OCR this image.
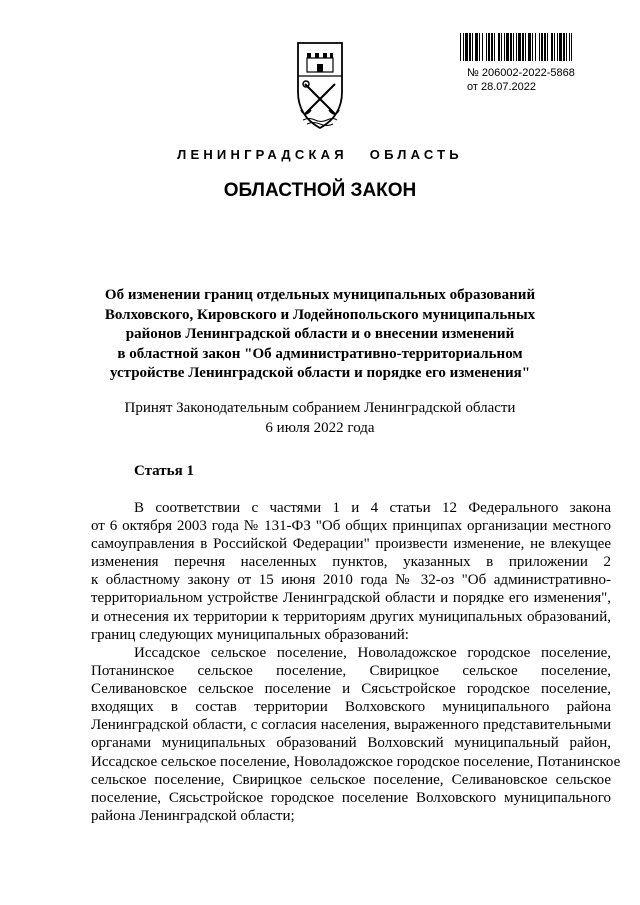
№ 206002-2022-5868
от 28.07.2022
ЛЕНИНГРАДСКАЯ ОБЛАСТЬ
ОБЛАСТНОЙ ЗАКОН
Об изменении границ отдельных муниципальных образований
Волховского, Кировского и Лодейнопольского муниципальных
районов Ленинградской области и о внесении изменений
в областной закон "Об административно-территориальном
устройстве Ленинградской области и порядке его изменения"
Принят Законодательным собранием Ленинградской области
6 июля 2022 года
Статья 1
В соответствии с частями 1 и 4 статьи 12 Федерального закона
от 6 октября 2003 года № 131-ФЗ "Об общих принципах организации местного
самоуправления в Российской Федерации" произвести изменение, не влекущее
изменения перечня населенных пунктов, указанных в приложении 2
к областному закону от 15 июня 2010 года № 32-оз "Об административно-
территориальном устройстве Ленинградской области и порядке его изменения",
и отнесения их территории к территориям других муниципальных образований,
границ следующих муниципальных образований:
Иссадское сельское поселение, Новоладожское городское поселение,
Потанинское сельское поселение, Свирицкое сельское поселение,
Селивановское сельское поселение и Сясьстройское городское поселение,
входящих в состав территории Волховского муниципального района
Ленинградской области, с согласия населения, выраженного представительными
органами муниципальных образований Волховский муниципальный район,
Иссадское сельское поселение, Новоладожское городское поселение, Потанинское
сельское поселение, Свирицкое сельское поселение, Селивановское сельское
поселение, Сясьстройское городское поселение Волховского муниципального
района Ленинградской области;
